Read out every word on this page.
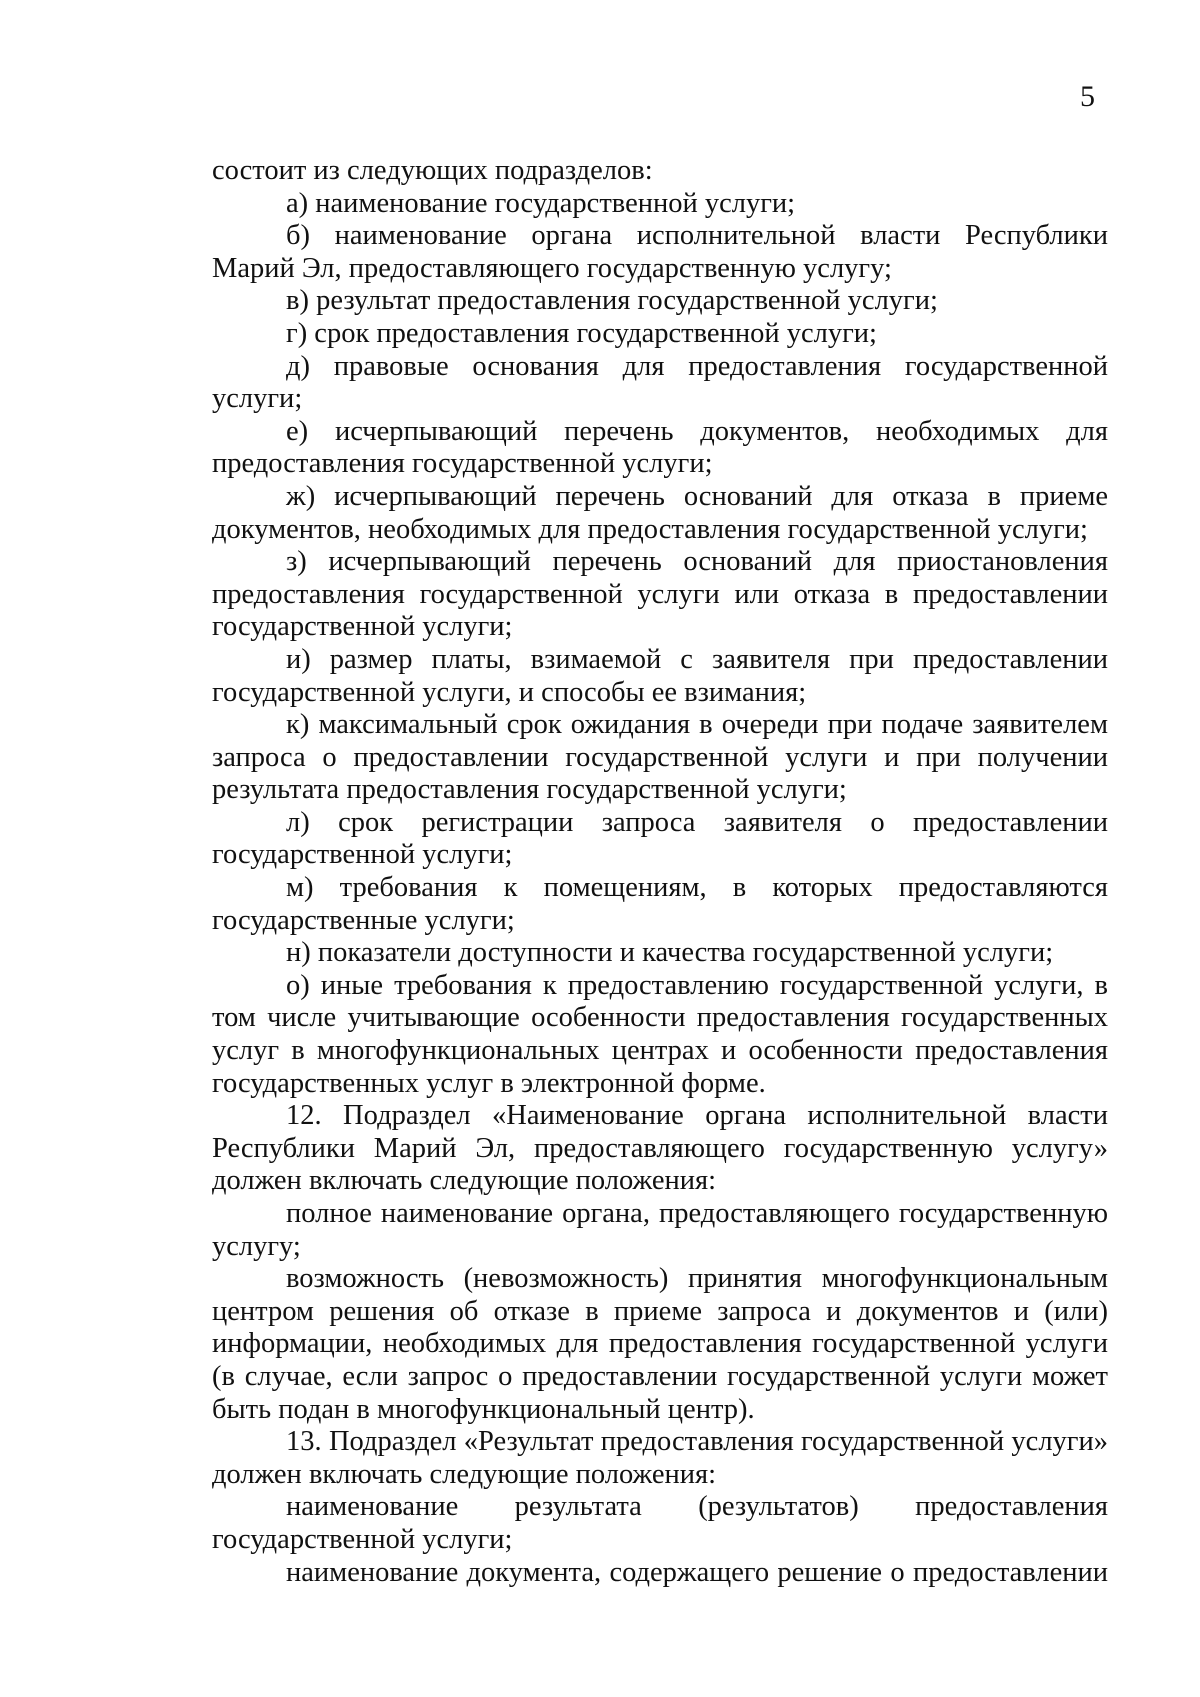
5

состоит из следующих подразделов:

а) наименование государственной услуги;

б) наименование органа исполнительной власти Республики Марий Эл, предоставляющего государственную услугу;

в) результат предоставления государственной услуги;

г) срок предоставления государственной услуги;

д) правовые основания для предоставления государственной услуги;

е) исчерпывающий перечень документов, необходимых для предоставления государственной услуги;

ж) исчерпывающий перечень оснований для отказа в приеме документов, необходимых для предоставления государственной услуги;

з) исчерпывающий перечень оснований для приостановления предоставления государственной услуги или отказа в предоставлении государственной услуги;

и) размер платы, взимаемой с заявителя при предоставлении государственной услуги, и способы ее взимания;

к) максимальный срок ожидания в очереди при подаче заявителем запроса о предоставлении государственной услуги и при получении результата предоставления государственной услуги;

л) срок регистрации запроса заявителя о предоставлении государственной услуги;

м) требования к помещениям, в которых предоставляются государственные услуги;

н) показатели доступности и качества государственной услуги;

о) иные требования к предоставлению государственной услуги, в том числе учитывающие особенности предоставления государственных услуг в многофункциональных центрах и особенности предоставления государственных услуг в электронной форме.

12. Подраздел «Наименование органа исполнительной власти Республики Марий Эл, предоставляющего государственную услугу» должен включать следующие положения:

полное наименование органа, предоставляющего государственную услугу;

возможность (невозможность) принятия многофункциональным центром решения об отказе в приеме запроса и документов и (или) информации, необходимых для предоставления государственной услуги (в случае, если запрос о предоставлении государственной услуги может быть подан в многофункциональный центр).

13. Подраздел «Результат предоставления государственной услуги» должен включать следующие положения:

наименование результата (результатов) предоставления государственной услуги;

наименование документа, содержащего решение о предоставлении
